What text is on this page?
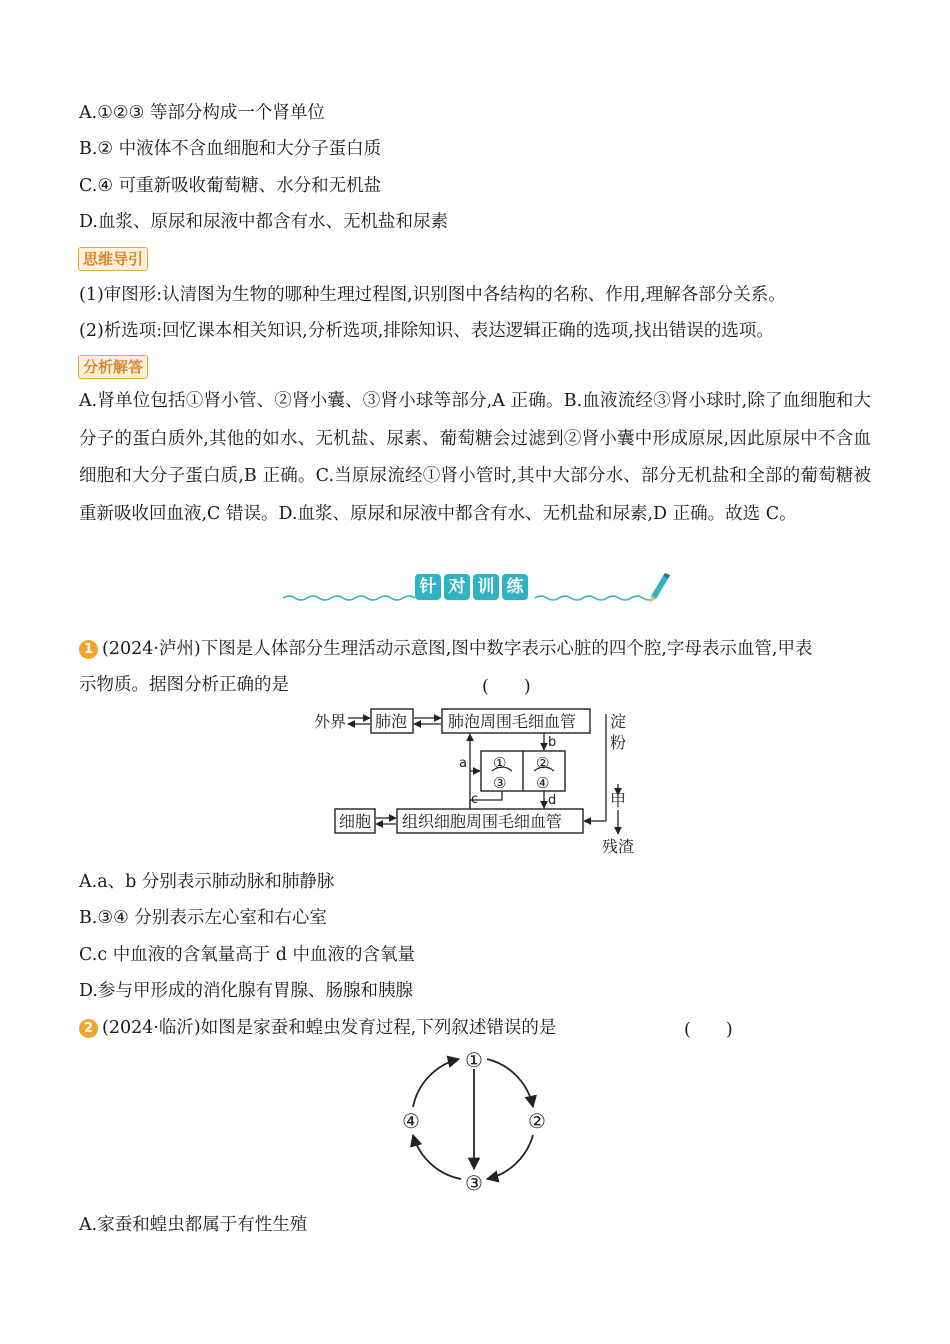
A.①②③ 等部分构成一个肾单位
B.② 中液体不含血细胞和大分子蛋白质
C.④ 可重新吸收葡萄糖、水分和无机盐
D.血浆、原尿和尿液中都含有水、无机盐和尿素
思维导引
(1)审图形:认清图为生物的哪种生理过程图,识别图中各结构的名称、作用,理解各部分关系。
(2)析选项:回忆课本相关知识,分析选项,排除知识、表达逻辑正确的选项,找出错误的选项。
分析解答
A.肾单位包括①肾小管、②肾小囊、③肾小球等部分,A 正确。B.血液流经③肾小球时,除了血细胞和大分子的蛋白质外,其他的如水、无机盐、尿素、葡萄糖会过滤到②肾小囊中形成原尿,因此原尿中不含血细胞和大分子蛋白质,B 正确。C.当原尿流经①肾小管时,其中大部分水、部分无机盐和全部的葡萄糖被重新吸收回血液,C 错误。D.血浆、原尿和尿液中都含有水、无机盐和尿素,D 正确。故选 C。
针 对 训 练
1 (2024·泸州)下图是人体部分生理活动示意图,图中数字表示心脏的四个腔,字母表示血管,甲表
示物质。据图分析正确的是	(　　)
外界 肺泡	肺泡周围毛细血管
细胞 组织细胞周围毛细血管
淀
粉
甲
残渣
a
b
c	d
① ②
③ ④
A.a、b 分别表示肺动脉和肺静脉
B.③④ 分别表示左心室和右心室
C.c 中血液的含氧量高于 d 中血液的含氧量
D.参与甲形成的消化腺有胃腺、肠腺和胰腺
2 (2024·临沂)如图是家蚕和蝗虫发育过程,下列叙述错误的是	(　　)
①
②
③
④
A.家蚕和蝗虫都属于有性生殖
